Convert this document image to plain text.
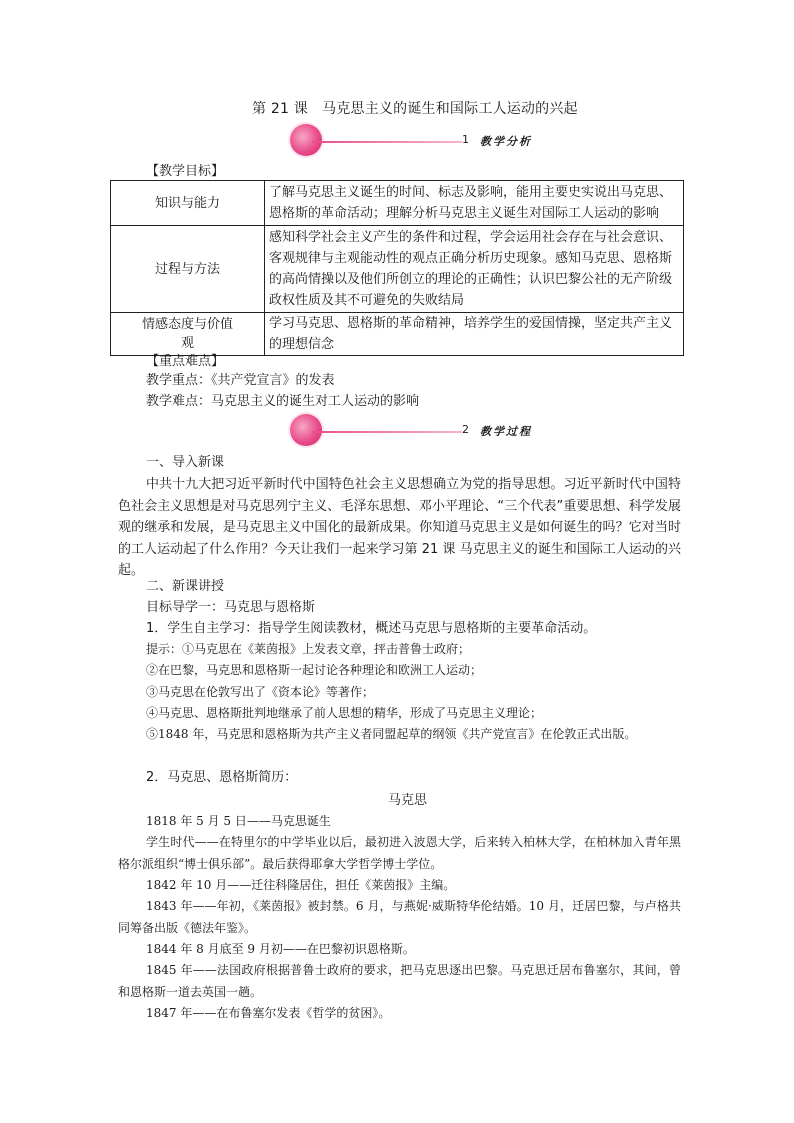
第 21 课　马克思主义的诞生和国际工人运动的兴起
1 教学分析
【教学目标】
知识与能力	了解马克思主义诞生的时间、标志及影响，能用主要史实说出马克思、恩格斯的革命活动；理解分析马克思主义诞生对国际工人运动的影响
过程与方法	感知科学社会主义产生的条件和过程，学会运用社会存在与社会意识、客观规律与主观能动性的观点正确分析历史现象。感知马克思、恩格斯的高尚情操以及他们所创立的理论的正确性；认识巴黎公社的无产阶级政权性质及其不可避免的失败结局
情感态度与价值观	学习马克思、恩格斯的革命精神，培养学生的爱国情操，坚定共产主义的理想信念
【重点难点】
教学重点：《共产党宣言》的发表
教学难点：马克思主义的诞生对工人运动的影响
2 教学过程
一、导入新课
中共十九大把习近平新时代中国特色社会主义思想确立为党的指导思想。习近平新时代中国特色社会主义思想是对马克思列宁主义、毛泽东思想、邓小平理论、“三个代表”重要思想、科学发展观的继承和发展，是马克思主义中国化的最新成果。你知道马克思主义是如何诞生的吗？它对当时的工人运动起了什么作用？今天让我们一起来学习第 21 课 马克思主义的诞生和国际工人运动的兴起。
二、新课讲授
目标导学一：马克思与恩格斯
1．学生自主学习：指导学生阅读教材，概述马克思与恩格斯的主要革命活动。
提示：①马克思在《莱茵报》上发表文章，抨击普鲁士政府；
②在巴黎，马克思和恩格斯一起讨论各种理论和欧洲工人运动；
③马克思在伦敦写出了《资本论》等著作；
④马克思、恩格斯批判地继承了前人思想的精华，形成了马克思主义理论；
⑤1848 年，马克思和恩格斯为共产主义者同盟起草的纲领《共产党宣言》在伦敦正式出版。
2．马克思、恩格斯简历：
马克思
1818 年 5 月 5 日——马克思诞生
学生时代——在特里尔的中学毕业以后，最初进入波恩大学，后来转入柏林大学，在柏林加入青年黑格尔派组织“博士俱乐部”。最后获得耶拿大学哲学博士学位。
1842 年 10 月——迁往科隆居住，担任《莱茵报》主编。
1843 年——年初，《莱茵报》被封禁。6 月，与燕妮·威斯特华伦结婚。10 月，迁居巴黎，与卢格共同筹备出版《德法年鉴》。
1844 年 8 月底至 9 月初——在巴黎初识恩格斯。
1845 年——法国政府根据普鲁士政府的要求，把马克思逐出巴黎。马克思迁居布鲁塞尔，其间，曾和恩格斯一道去英国一趟。
1847 年——在布鲁塞尔发表《哲学的贫困》。
